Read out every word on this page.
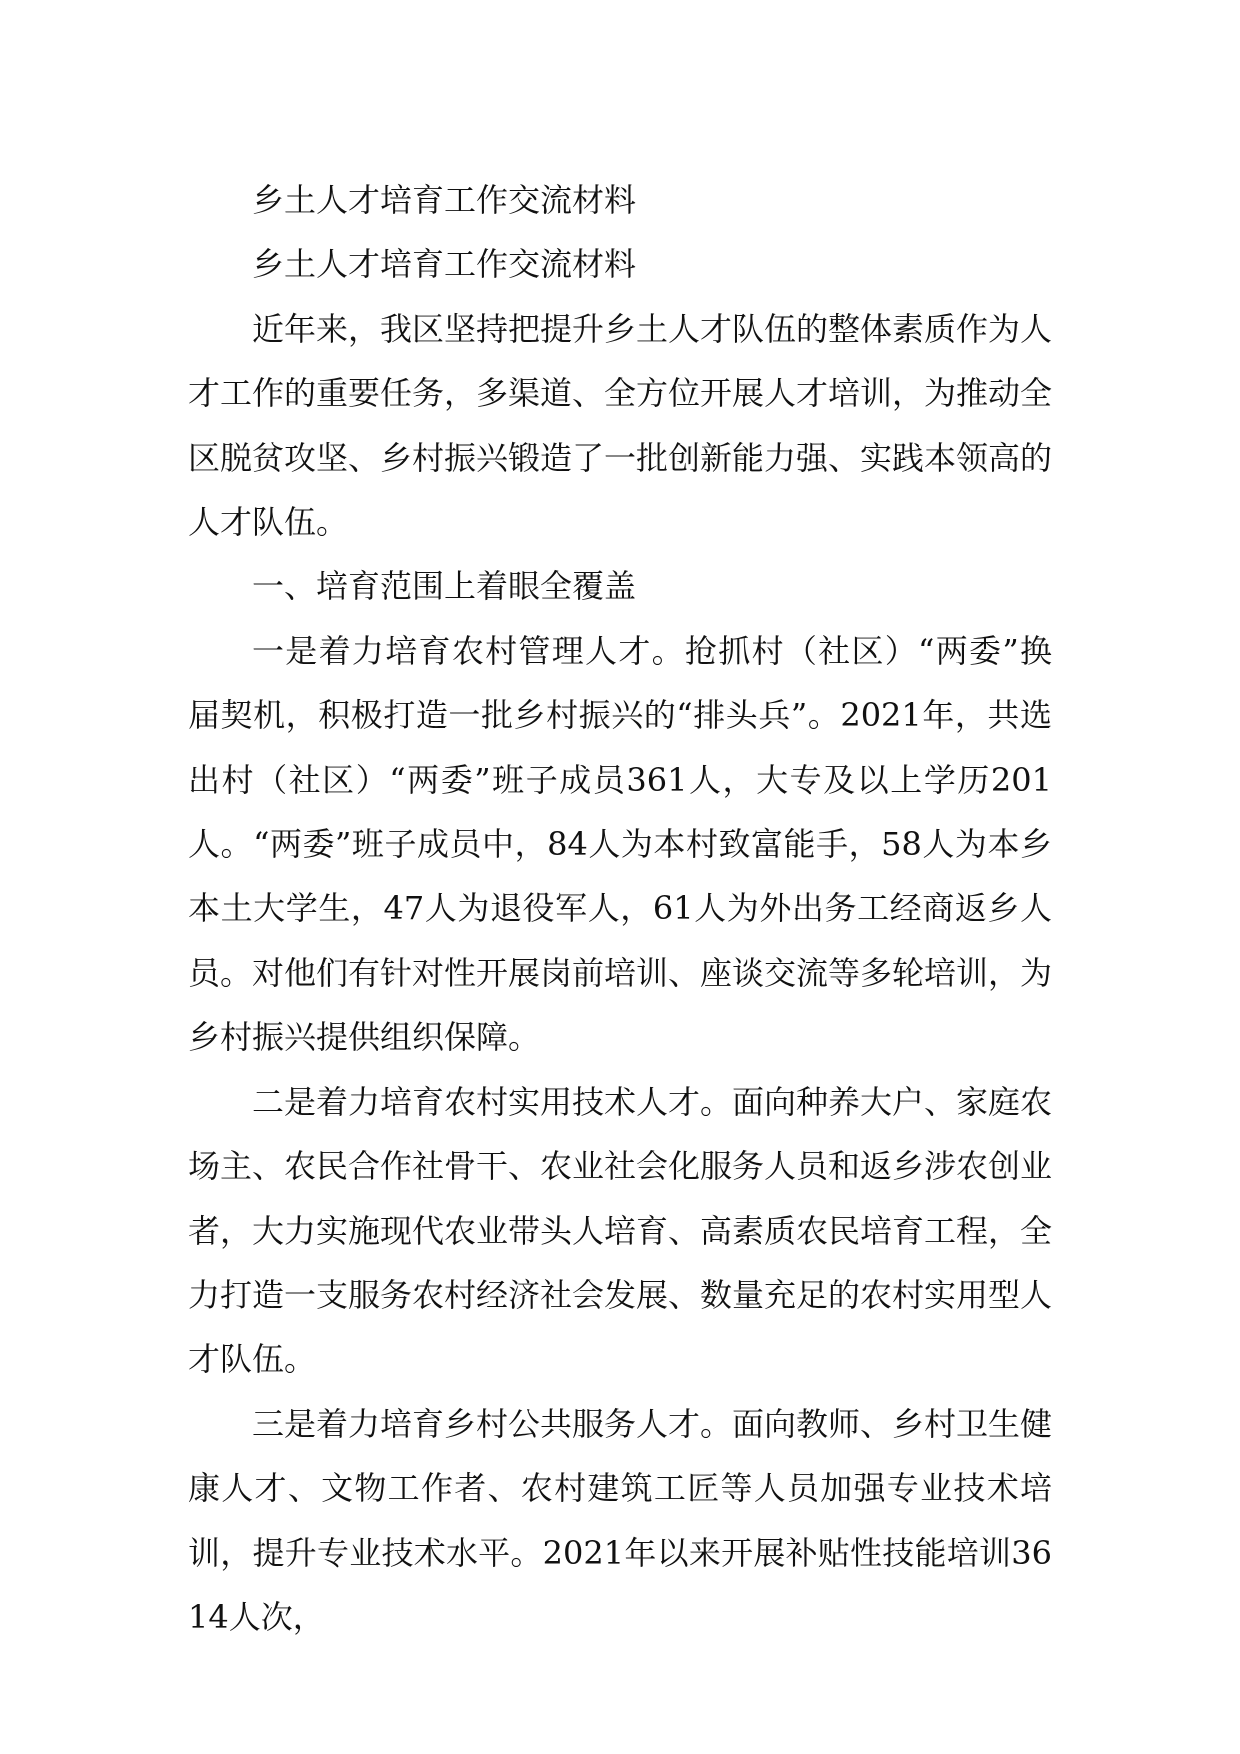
乡土人才培育工作交流材料

乡土人才培育工作交流材料

近年来，我区坚持把提升乡土人才队伍的整体素质作为人才工作的重要任务，多渠道、全方位开展人才培训，为推动全区脱贫攻坚、乡村振兴锻造了一批创新能力强、实践本领高的人才队伍。

一、培育范围上着眼全覆盖

一是着力培育农村管理人才。抢抓村（社区）“两委”换届契机，积极打造一批乡村振兴的“排头兵”。2021年，共选出村（社区）“两委”班子成员361人，大专及以上学历201人。“两委”班子成员中，84人为本村致富能手，58人为本乡本土大学生，47人为退役军人，61人为外出务工经商返乡人员。对他们有针对性开展岗前培训、座谈交流等多轮培训，为乡村振兴提供组织保障。

二是着力培育农村实用技术人才。面向种养大户、家庭农场主、农民合作社骨干、农业社会化服务人员和返乡涉农创业者，大力实施现代农业带头人培育、高素质农民培育工程，全力打造一支服务农村经济社会发展、数量充足的农村实用型人才队伍。

三是着力培育乡村公共服务人才。面向教师、乡村卫生健康人才、文物工作者、农村建筑工匠等人员加强专业技术培训，提升专业技术水平。2021年以来开展补贴性技能培训3614人次，
